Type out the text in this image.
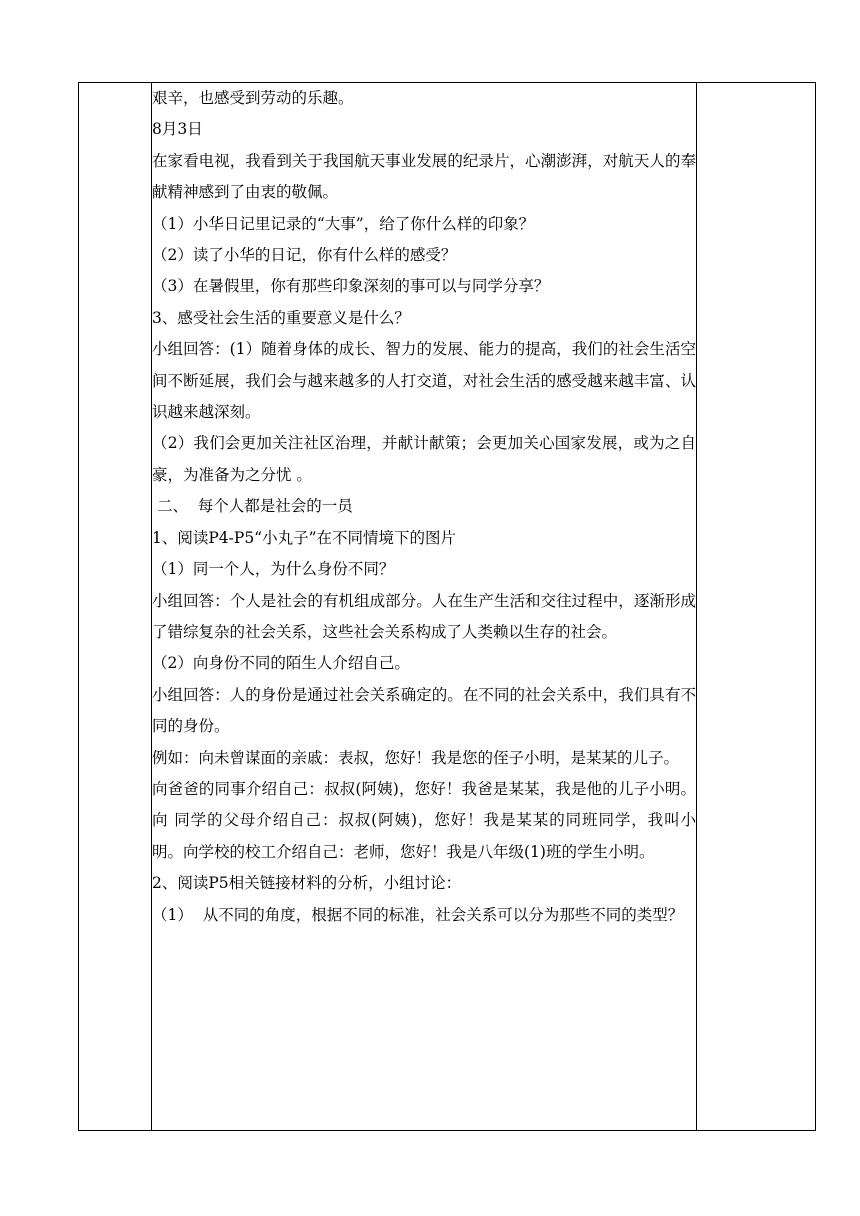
艰辛，也感受到劳动的乐趣。
8月3日
在家看电视，我看到关于我国航天事业发展的纪录片，心潮澎湃，对航天人的奉献精神感到了由衷的敬佩。
（1）小华日记里记录的“大事”，给了你什么样的印象？
（2）读了小华的日记，你有什么样的感受？
（3）在暑假里，你有那些印象深刻的事可以与同学分享？
3、感受社会生活的重要意义是什么？
小组回答：(1）随着身体的成长、智力的发展、能力的提高，我们的社会生活空间不断延展，我们会与越来越多的人打交道，对社会生活的感受越来越丰富、认识越来越深刻。
（2）我们会更加关注社区治理，并献计献策；会更加关心国家发展，或为之自豪，为准备为之分忧 。
二、  每个人都是社会的一员
1、阅读P4-P5“小丸子”在不同情境下的图片
（1）同一个人，为什么身份不同？
小组回答：个人是社会的有机组成部分。人在生产生活和交往过程中，逐渐形成了错综复杂的社会关系，这些社会关系构成了人类赖以生存的社会。
（2）向身份不同的陌生人介绍自己。
小组回答：人的身份是通过社会关系确定的。在不同的社会关系中，我们具有不同的身份。
例如：向未曾谋面的亲戚：表叔，您好！我是您的侄子小明，是某某的儿子。
向爸爸的同事介绍自己：叔叔(阿姨)，您好！我爸是某某，我是他的儿子小明。向 同学的父母介绍自己：叔叔(阿姨)，您好！我是某某的同班同学，我叫小明。向学校的校工介绍自己：老师，您好！我是八年级(1)班的学生小明。
2、阅读P5相关链接材料的分析，小组讨论：
（1）  从不同的角度，根据不同的标准，社会关系可以分为那些不同的类型？
